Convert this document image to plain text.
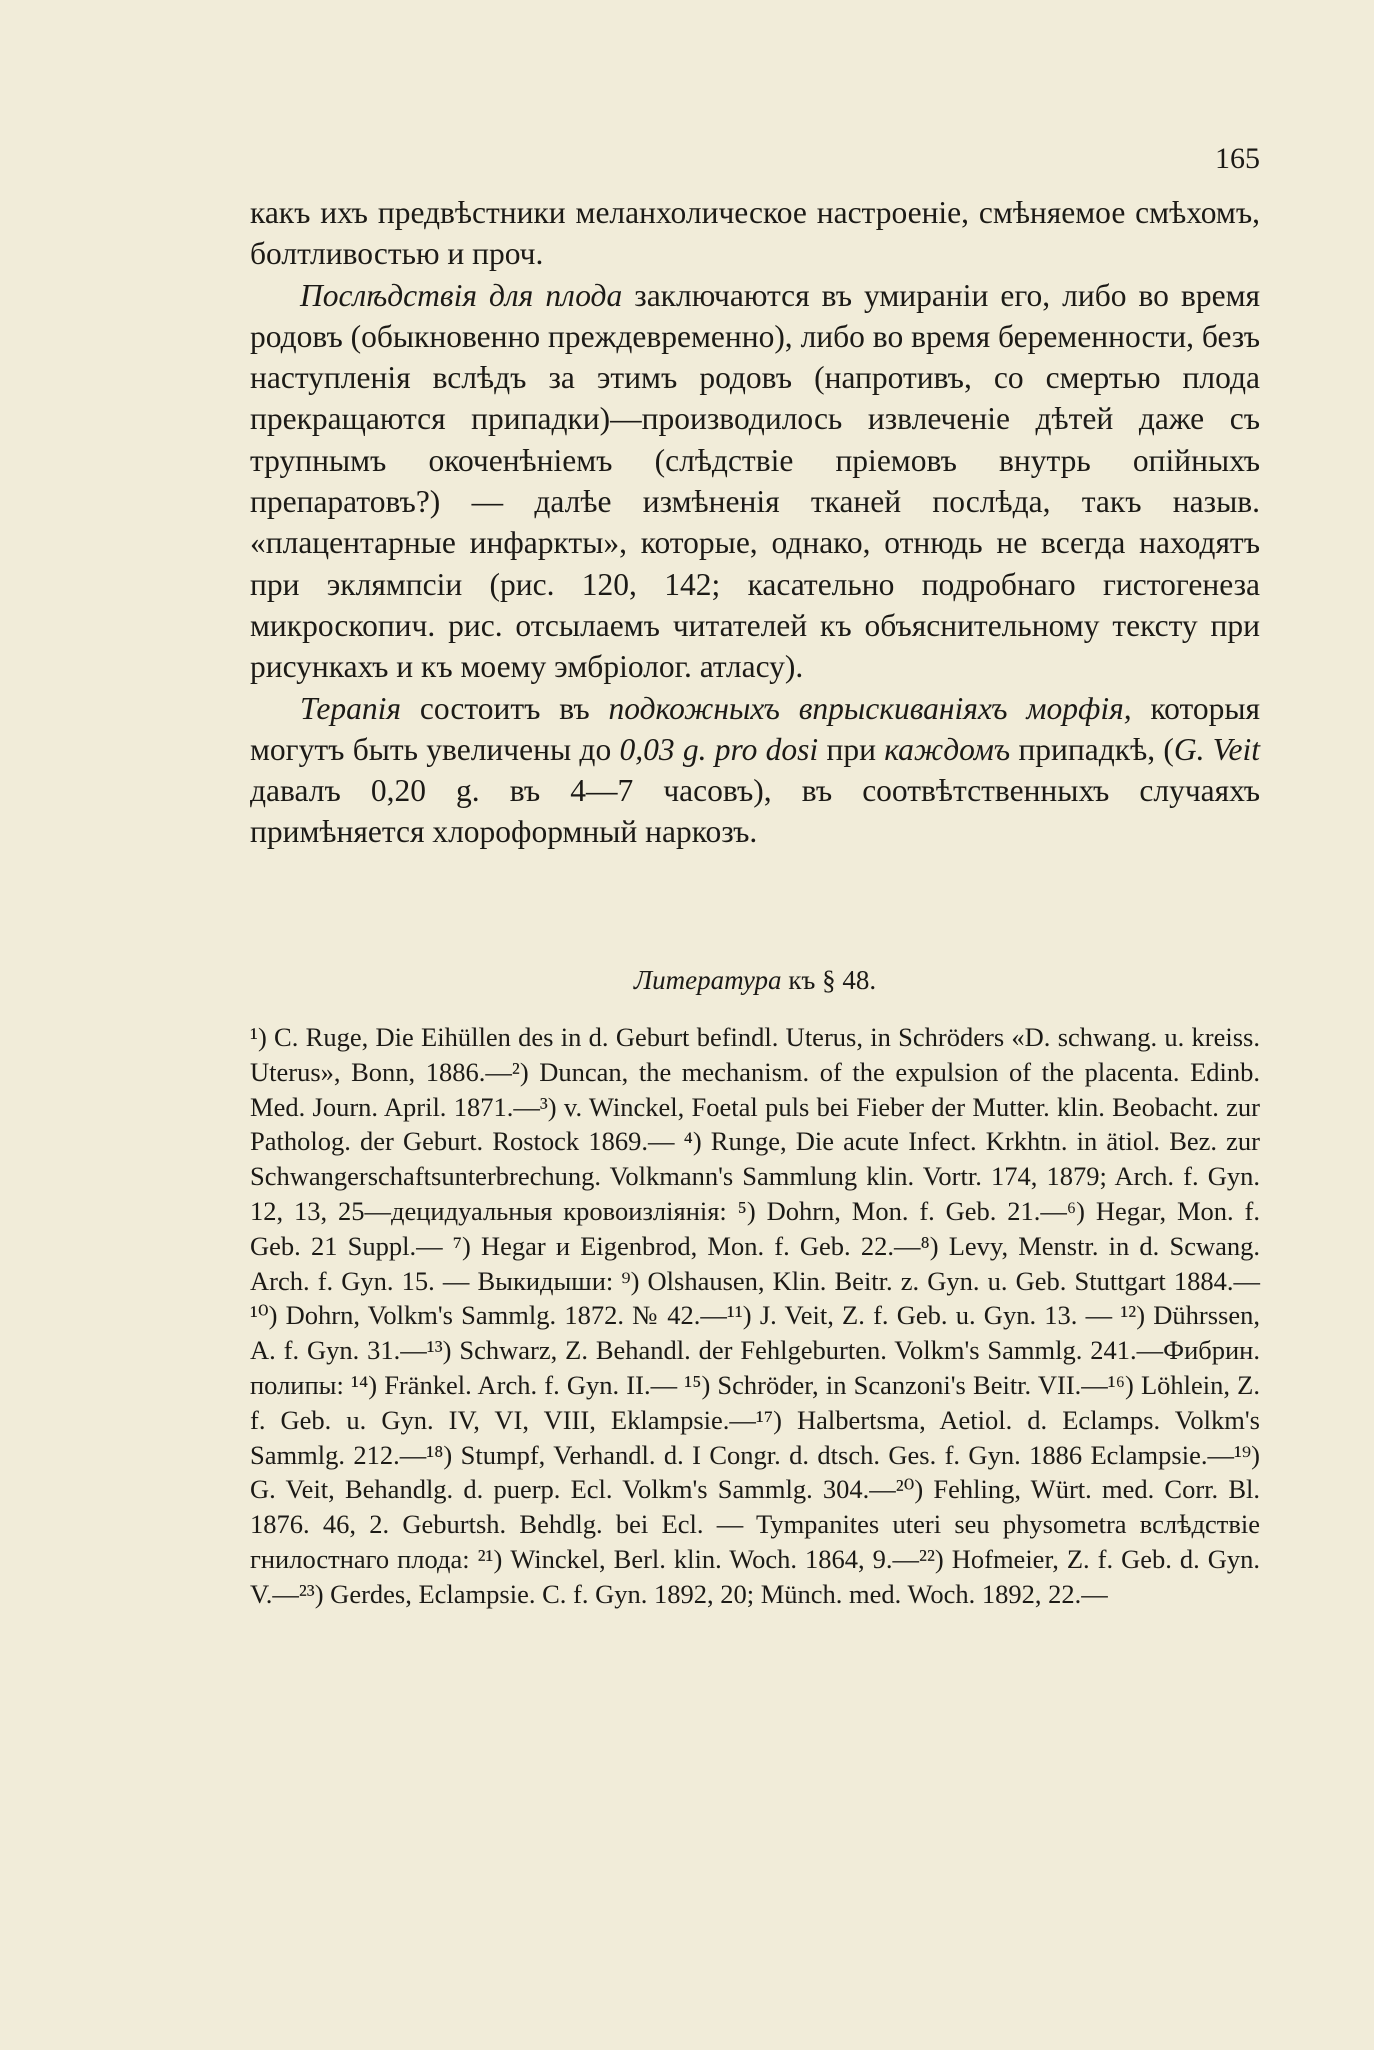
165

какъ ихъ предвѣстники меланхолическое настроеніе, смѣняемое смѣхомъ, болтливостью и проч.

Послѣдствія для плода заключаются въ умираніи его, либо во время родовъ (обыкновенно преждевременно), либо во время беременности, безъ наступленія вслѣдъ за этимъ родовъ (напротивъ, со смертью плода прекращаются припадки)—производилось извлеченіе дѣтей даже съ трупнымъ окоченѣніемъ (слѣдствіе пріемовъ внутрь опійныхъ препаратовъ?) — далѣе измѣненія тканей послѣда, такъ назыв. «плацентарные инфаркты», которые, однако, отнюдь не всегда находятъ при эклямпсіи (рис. 120, 142; касательно подробнаго гистогенеза микроскопич. рис. отсылаемъ читателей къ объяснительному тексту при рисункахъ и къ моему эмбріолог. атласу).

Терапія состоитъ въ подкожныхъ впрыскиваніяхъ морфія, которыя могутъ быть увеличены до 0,03 g. pro dosi при каждомъ припадкѣ, (G. Veit давалъ 0,20 g. въ 4—7 часовъ), въ соотвѣтственныхъ случаяхъ примѣняется хлороформный наркозъ.

Литература къ § 48.

¹) C. Ruge, Die Eihüllen des in d. Geburt befindl. Uterus, in Schröders «D. schwang. u. kreiss. Uterus», Bonn, 1886.—²) Duncan, the mechanism. of the expulsion of the placenta. Edinb. Med. Journ. April. 1871.—³) v. Winckel, Foetal puls bei Fieber der Mutter. klin. Beobacht. zur Patholog. der Geburt. Rostock 1869.— ⁴) Runge, Die acute Infect. Krkhtn. in ätiol. Bez. zur Schwangerschaftsunterbrechung. Volkmann's Sammlung klin. Vortr. 174, 1879; Arch. f. Gyn. 12, 13, 25—децидуальныя кровоизліянія: ⁵) Dohrn, Mon. f. Geb. 21.—⁶) Hegar, Mon. f. Geb. 21 Suppl.— ⁷) Hegar и Eigenbrod, Mon. f. Geb. 22.—⁸) Levy, Menstr. in d. Scwang. Arch. f. Gyn. 15. — Выкидыши: ⁹) Olshausen, Klin. Beitr. z. Gyn. u. Geb. Stuttgart 1884.—¹⁰) Dohrn, Volkm's Sammlg. 1872. № 42.—¹¹) J. Veit, Z. f. Geb. u. Gyn. 13. — ¹²) Dührssen, A. f. Gyn. 31.—¹³) Schwarz, Z. Behandl. der Fehlgeburten. Volkm's Sammlg. 241.—Фибрин. полипы: ¹⁴) Fränkel. Arch. f. Gyn. II.— ¹⁵) Schröder, in Scanzoni's Beitr. VII.—¹⁶) Löhlein, Z. f. Geb. u. Gyn. IV, VI, VIII, Eklampsie.—¹⁷) Halbertsma, Aetiol. d. Eclamps. Volkm's Sammlg. 212.—¹⁸) Stumpf, Verhandl. d. I Congr. d. dtsch. Ges. f. Gyn. 1886 Eclampsie.—¹⁹) G. Veit, Behandlg. d. puerp. Ecl. Volkm's Sammlg. 304.—²⁰) Fehling, Würt. med. Corr. Bl. 1876. 46, 2. Geburtsh. Behdlg. bei Ecl. — Tympanites uteri seu physometra вслѣдствіе гнилостнаго плода: ²¹) Winckel, Berl. klin. Woch. 1864, 9.—²²) Hofmeier, Z. f. Geb. d. Gyn. V.—²³) Gerdes, Eclampsie. C. f. Gyn. 1892, 20; Münch. med. Woch. 1892, 22.—
